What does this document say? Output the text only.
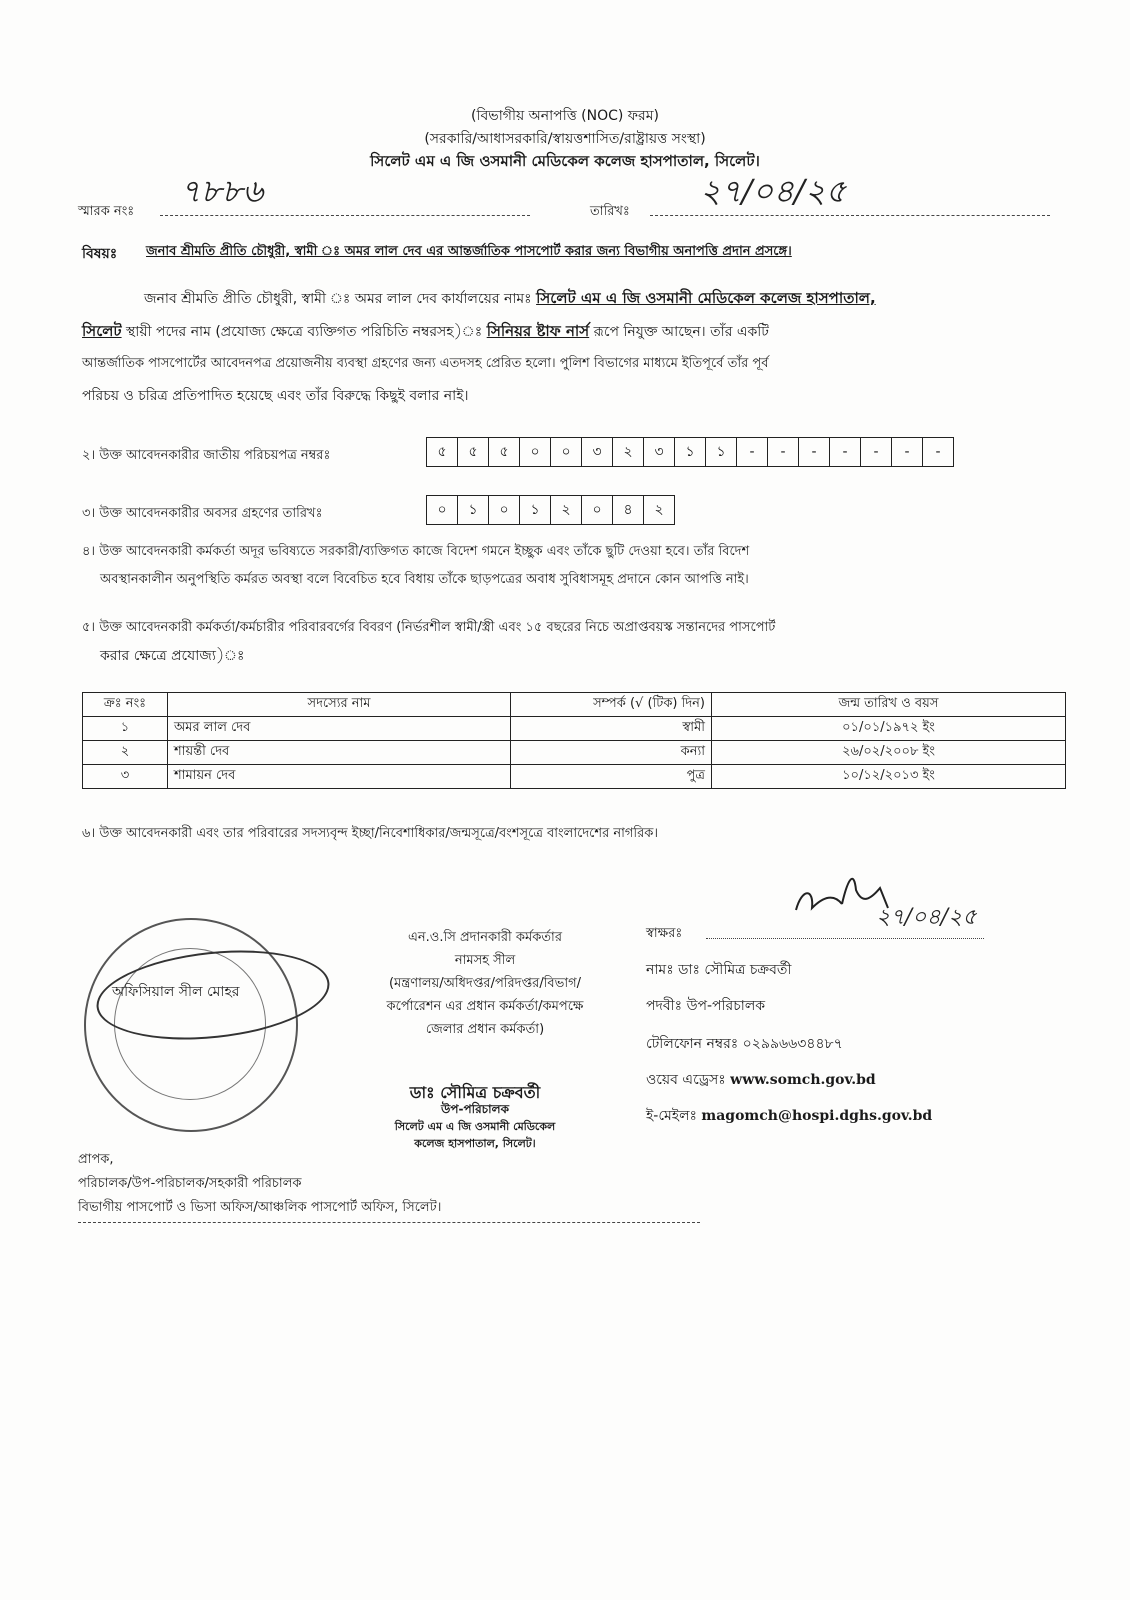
(বিভাগীয় অনাপত্তি (NOC) ফরম)
(সরকারি/আধাসরকারি/স্বায়ত্তশাসিত/রাষ্ট্রায়ত্ত সংস্থা)
সিলেট এম এ জি ওসমানী মেডিকেল কলেজ হাসপাতাল, সিলেট।
স্মারক নংঃ
৭৮৮৬
তারিখঃ
২৭/০৪/২৫
বিষয়ঃ জনাব শ্রীমতি প্রীতি চৌধুরী, স্বামী ঃ অমর লাল দেব এর আন্তর্জাতিক পাসপোর্ট করার জন্য বিভাগীয় অনাপত্তি প্রদান প্রসঙ্গে।
জনাব শ্রীমতি প্রীতি চৌধুরী, স্বামী ঃ অমর লাল দেব কার্যালয়ের নামঃ সিলেট এম এ জি ওসমানী মেডিকেল কলেজ হাসপাতাল,
সিলেট স্থায়ী পদের নাম (প্রযোজ্য ক্ষেত্রে ব্যক্তিগত পরিচিতি নম্বরসহ)ঃ সিনিয়র ষ্টাফ নার্স রূপে নিযুক্ত আছেন। তাঁর একটি
আন্তর্জাতিক পাসপোর্টের আবেদনপত্র প্রয়োজনীয় ব্যবস্থা গ্রহণের জন্য এতদসহ প্রেরিত হলো। পুলিশ বিভাগের মাধ্যমে ইতিপূর্বে তাঁর পূর্ব
পরিচয় ও চরিত্র প্রতিপাদিত হয়েছে এবং তাঁর বিরুদ্ধে কিছুই বলার নাই।
২। উক্ত আবেদনকারীর জাতীয় পরিচয়পত্র নম্বরঃ	৫	৫	৫	০	০	৩	২	৩	১	১	-	-	-	-	-	-	-
৩। উক্ত আবেদনকারীর অবসর গ্রহণের তারিখঃ	০	১	০	১	২	০	৪	২
৪। উক্ত আবেদনকারী কর্মকর্তা অদূর ভবিষ্যতে সরকারী/ব্যক্তিগত কাজে বিদেশ গমনে ইচ্ছুক এবং তাঁকে ছুটি দেওয়া হবে। তাঁর বিদেশ
অবস্থানকালীন অনুপস্থিতি কর্মরত অবস্থা বলে বিবেচিত হবে বিধায় তাঁকে ছাড়পত্রের অবাধ সুবিধাসমূহ প্রদানে কোন আপত্তি নাই।
৫। উক্ত আবেদনকারী কর্মকর্তা/কর্মচারীর পরিবারবর্গের বিবরণ (নির্ভরশীল স্বামী/স্ত্রী এবং ১৫ বছরের নিচে অপ্রাপ্তবয়স্ক সন্তানদের পাসপোর্ট
করার ক্ষেত্রে প্রযোজ্য)ঃ
ক্রঃ নংঃ	সদস্যের নাম	সম্পর্ক (√ (টিক) দিন)	জন্ম তারিখ ও বয়স
১	অমর লাল দেব	স্বামী	০১/০১/১৯৭২ ইং
২	শায়ন্তী দেব	কন্যা	২৬/০২/২০০৮ ইং
৩	শামায়ন দেব	পুত্র	১০/১২/২০১৩ ইং
৬। উক্ত আবেদনকারী এবং তার পরিবারের সদস্যবৃন্দ ইচ্ছা/নিবেশাধিকার/জন্মসূত্রে/বংশসূত্রে বাংলাদেশের নাগরিক।
অফিসিয়াল সীল মোহর
এন.ও.সি প্রদানকারী কর্মকর্তার
নামসহ সীল
(মন্ত্রণালয়/অধিদপ্তর/পরিদপ্তর/বিভাগ/
কর্পোরেশন এর প্রধান কর্মকর্তা/কমপক্ষে
জেলার প্রধান কর্মকর্তা)
ডাঃ সৌমিত্র চক্রবর্তী
উপ-পরিচালক
সিলেট এম এ জি ওসমানী মেডিকেল
কলেজ হাসপাতাল, সিলেট।
স্বাক্ষরঃ
২৭/০৪/২৫
নামঃ ডাঃ সৌমিত্র চক্রবর্তী
পদবীঃ উপ-পরিচালক
টেলিফোন নম্বরঃ ০২৯৯৬৬৩৪৪৮৭
ওয়েব এড্রেসঃ www.somch.gov.bd
ই-মেইলঃ magomch@hospi.dghs.gov.bd
প্রাপক,
পরিচালক/উপ-পরিচালক/সহকারী পরিচালক
বিভাগীয় পাসপোর্ট ও ভিসা অফিস/আঞ্চলিক পাসপোর্ট অফিস, সিলেট।
